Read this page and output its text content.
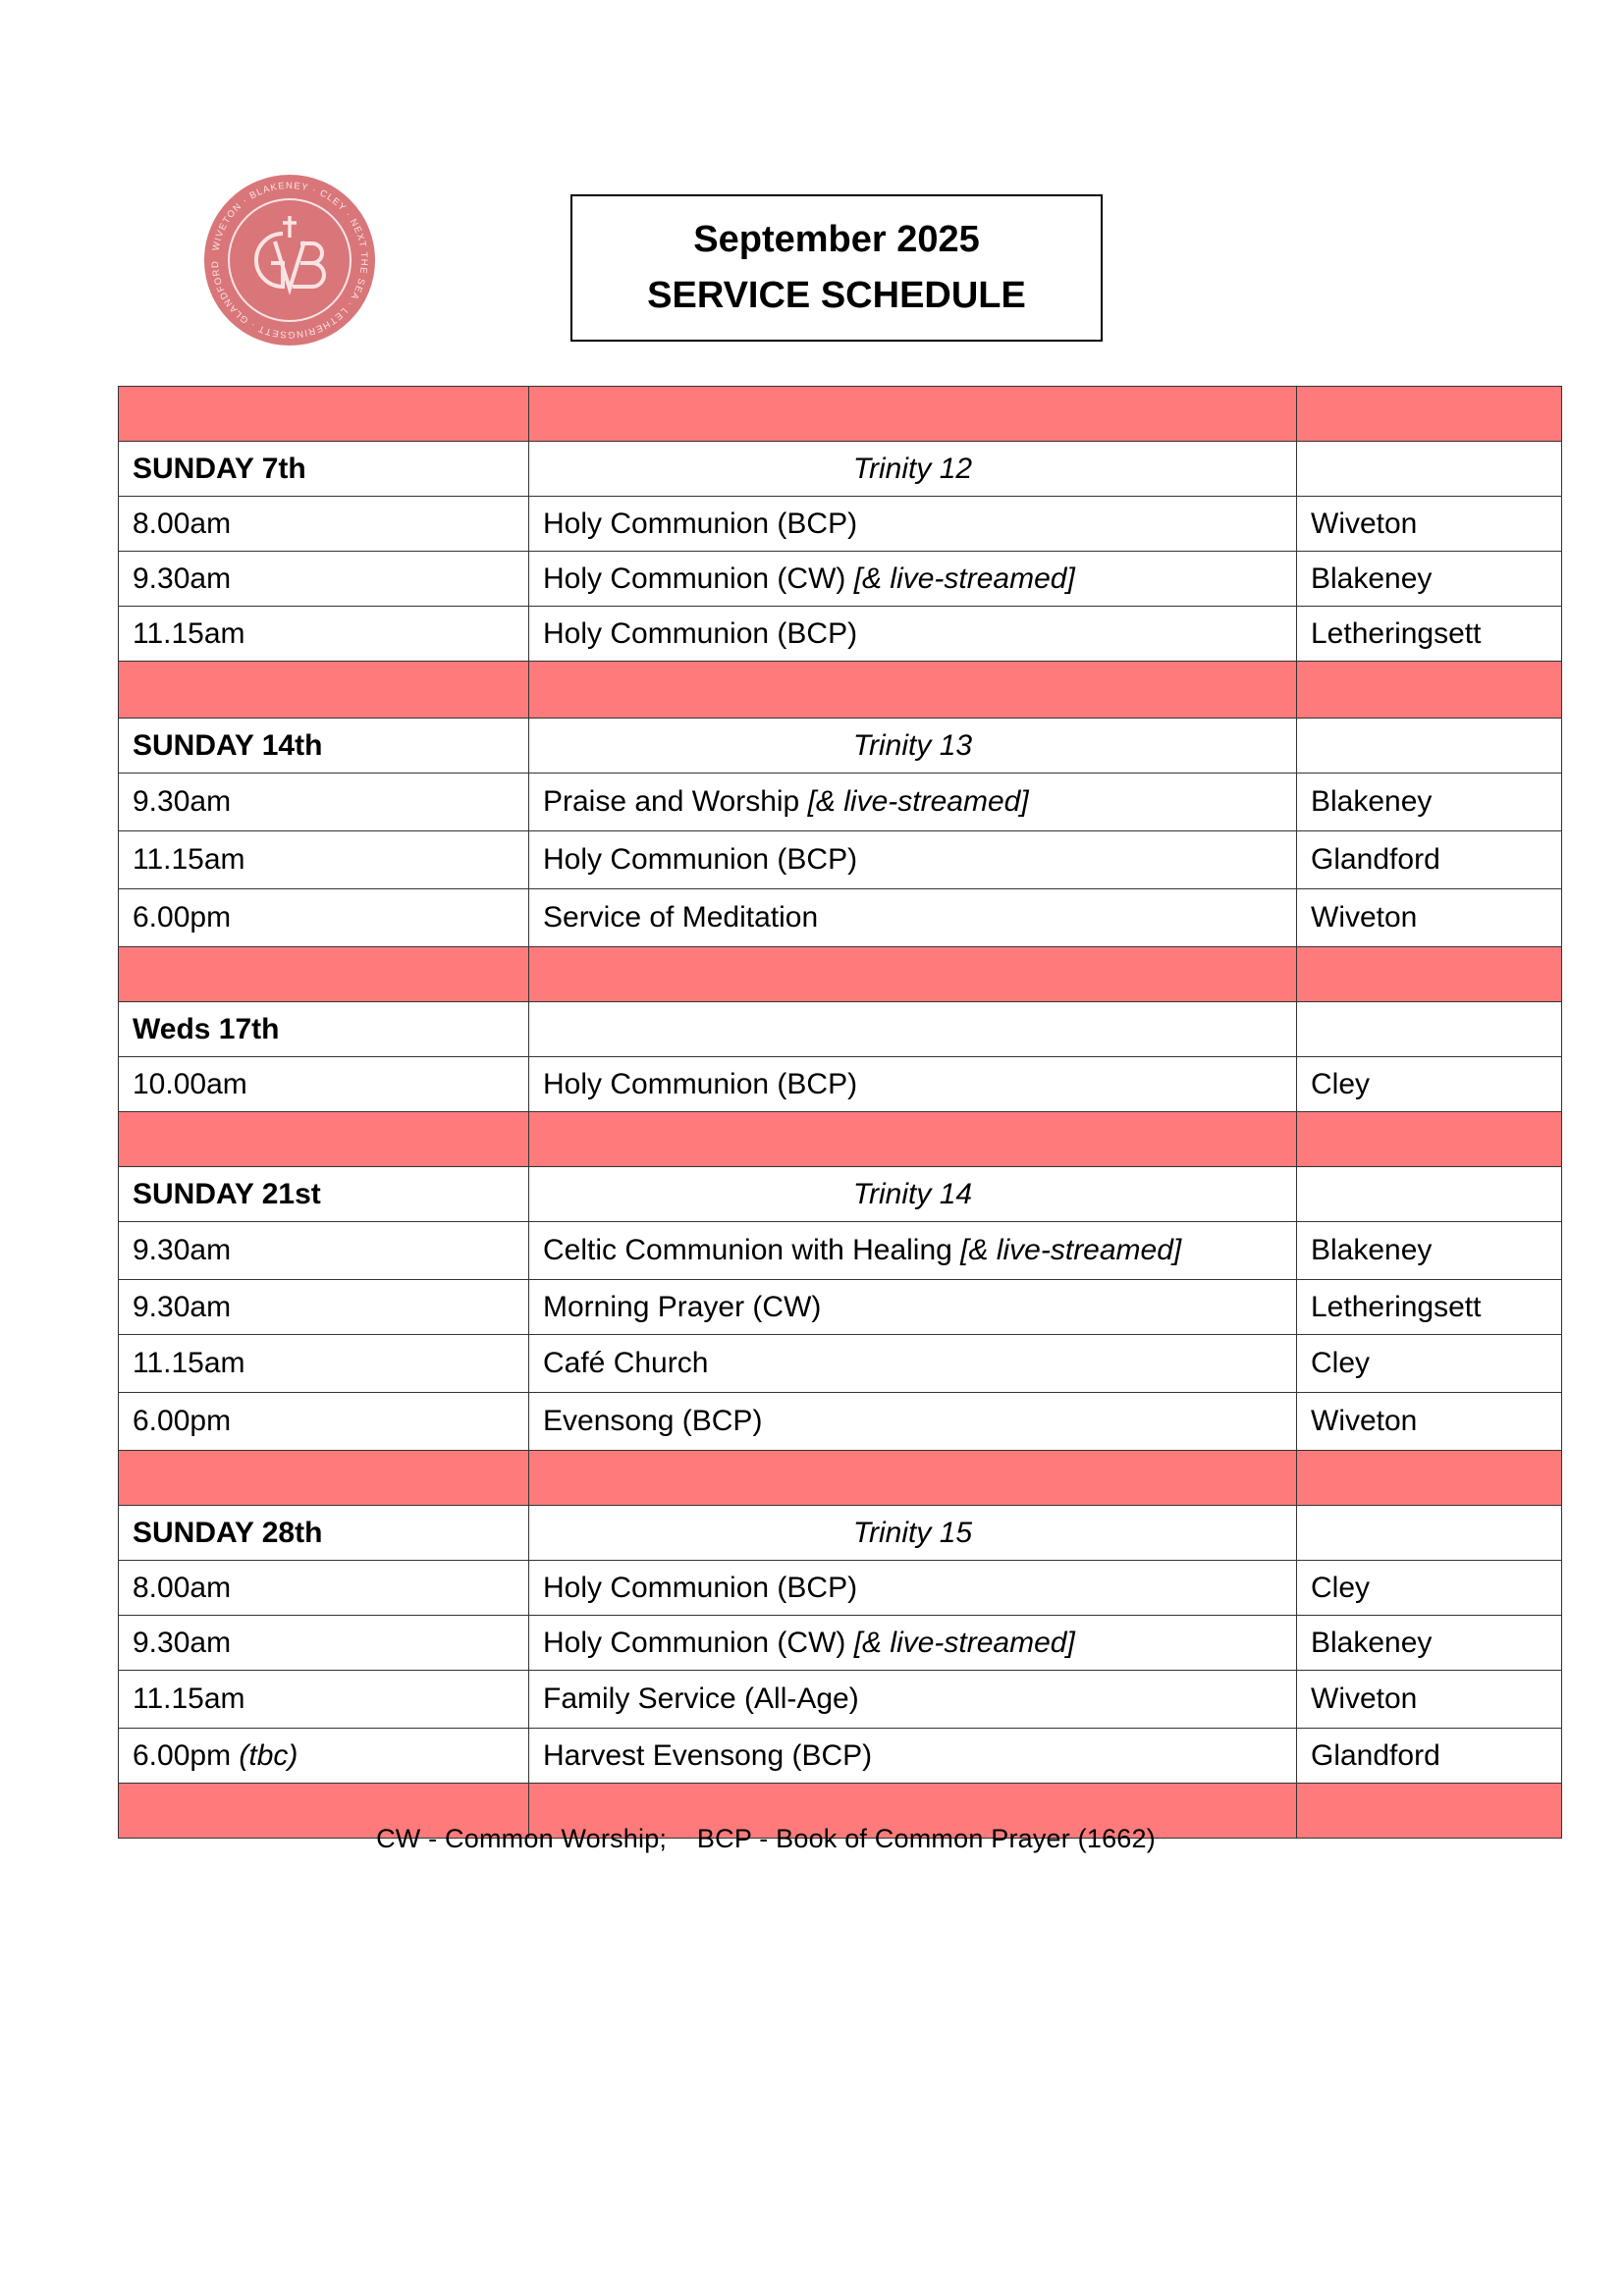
WIVETON · BLAKENEY · CLEY · NEXT THE SEA · LETHERINGSETT · GLANDFORD
September 2025
SERVICE SCHEDULE

SUNDAY 7th	Trinity 12	
8.00am	Holy Communion (BCP)	Wiveton
9.30am	Holy Communion (CW) [& live-streamed]	Blakeney
11.15am	Holy Communion (BCP)	Letheringsett

SUNDAY 14th	Trinity 13	
9.30am	Praise and Worship [& live-streamed]	Blakeney
11.15am	Holy Communion (BCP)	Glandford
6.00pm	Service of Meditation	Wiveton

Weds 17th		
10.00am	Holy Communion (BCP)	Cley

SUNDAY 21st	Trinity 14	
9.30am	Celtic Communion with Healing [& live-streamed]	Blakeney
9.30am	Morning Prayer (CW)	Letheringsett
11.15am	Café Church	Cley
6.00pm	Evensong (BCP)	Wiveton

SUNDAY 28th	Trinity 15	
8.00am	Holy Communion (BCP)	Cley
9.30am	Holy Communion (CW) [& live-streamed]	Blakeney
11.15am	Family Service (All-Age)	Wiveton
6.00pm (tbc)	Harvest Evensong (BCP)	Glandford

CW - Common Worship;    BCP - Book of Common Prayer (1662)
